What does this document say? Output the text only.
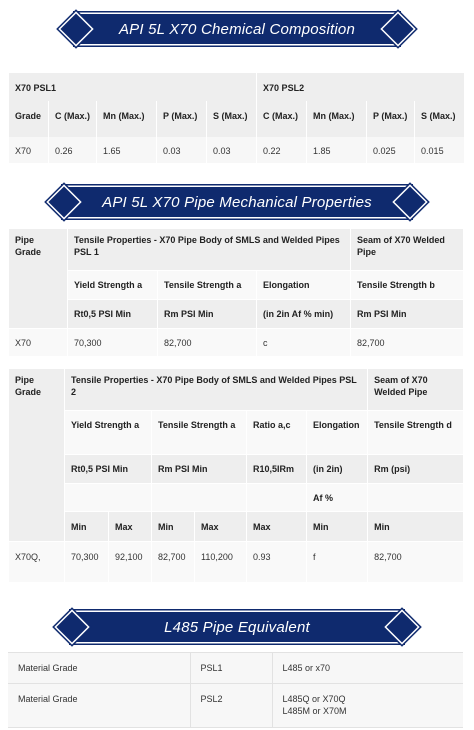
API 5L X70 Chemical Composition
X70 PSL1					X70 PSL2			
Grade	C (Max.)	Mn (Max.)	P (Max.)	S (Max.)	C (Max.)	Mn (Max.)	P (Max.)	S (Max.)
X70	0.26	1.65	0.03	0.03	0.22	1.85	0.025	0.015
API 5L X70 Pipe Mechanical Properties
Pipe Grade	Tensile Properties - X70 Pipe Body of SMLS and Welded Pipes PSL 1			Seam of X70 Welded Pipe
	Yield Strength a	Tensile Strength a	Elongation	Tensile Strength b
	Rt0,5 PSI Min	Rm PSI Min	(in 2in Af % min)	Rm PSI Min
X70	70,300	82,700	c	82,700
Pipe Grade	Tensile Properties - X70 Pipe Body of SMLS and Welded Pipes PSL 2						Seam of X70 Welded Pipe
	Yield Strength a		Tensile Strength a		Ratio a,c	Elongation	Tensile Strength d
	Rt0,5 PSI Min		Rm PSI Min		R10,5IRm	(in 2in)	Rm (psi)
						Af %	
	Min	Max	Min	Max	Max	Min	Min
X70Q,	70,300	92,100	82,700	110,200	0.93	f	82,700
L485 Pipe Equivalent
Material Grade	PSL1	L485 or x70
Material Grade	PSL2	L485Q or X70Q
L485M or X70M
